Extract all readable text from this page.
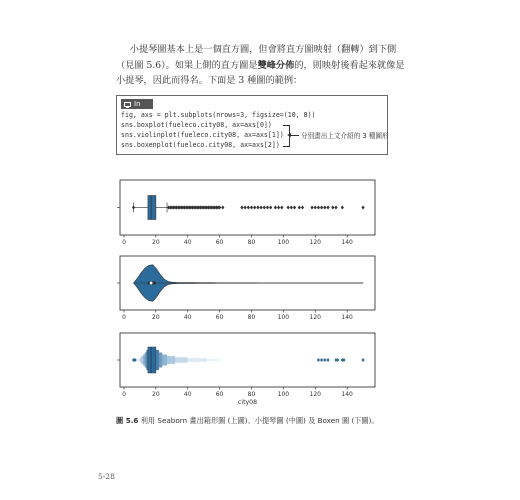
小提琴圖基本上是一個直方圖，但會將直方圖映射（翻轉）到下側（見圖 5.6）。如果上側的直方圖是雙峰分佈的，則映射後看起來就像是小提琴，因此而得名。下面是 3 種圖的範例：

In
fig, axs = plt.subplots(nrows=3, figsize=(10, 8))
sns.boxplot(fueleco.city08, ax=axs[0])
sns.violinplot(fueleco.city08, ax=axs[1])
sns.boxenplot(fueleco.city08, ax=axs[2])
分別畫出上文介紹的 3 種圖形
0	20	40	60	80	100	120	140
0	20	40	60	80	100	120	140
0	20	40	60	80	100	120	140
city08
圖 5.6 利用 Seaborn 畫出箱形圖 (上圖)、小提琴圖 (中圖) 及 Boxen 圖 (下圖)。
5-28
